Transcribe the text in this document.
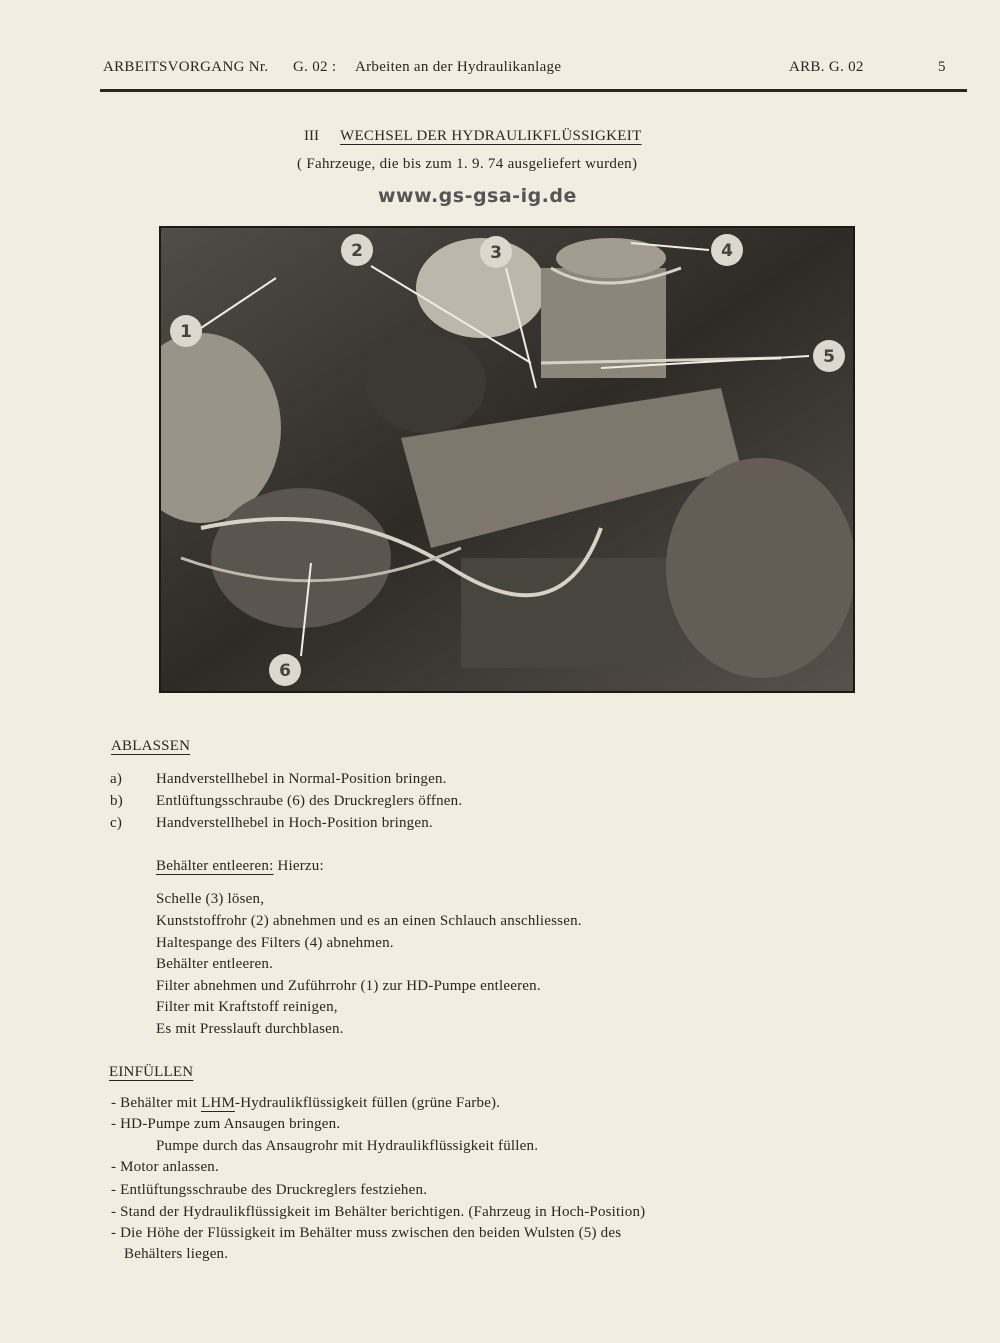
ARBEITSVORGANG Nr. G. 02 : Arbeiten an der Hydraulikanlage	ARB. G. 02	5
III WECHSEL DER HYDRAULIKFLÜSSIGKEIT
( Fahrzeuge, die bis zum 1. 9. 74 ausgeliefert wurden)
www.gs-gsa-ig.de
1
2	3	4
5
6
ABLASSEN
a) Handverstellhebel in Normal-Position bringen.
b) Entlüftungsschraube (6) des Druckreglers öffnen.
c) Handverstellhebel in Hoch-Position bringen.
Behälter entleeren: Hierzu:
Schelle (3) lösen,
Kunststoffrohr (2) abnehmen und es an einen Schlauch anschliessen.
Haltespange des Filters (4) abnehmen.
Behälter entleeren.
Filter abnehmen und Zuführrohr (1) zur HD-Pumpe entleeren.
Filter mit Kraftstoff reinigen,
Es mit Presslauft durchblasen.
EINFÜLLEN
- Behälter mit LHM-Hydraulikflüssigkeit füllen (grüne Farbe).
- HD-Pumpe zum Ansaugen bringen.
Pumpe durch das Ansaugrohr mit Hydraulikflüssigkeit füllen.
- Motor anlassen.
- Entlüftungsschraube des Druckreglers festziehen.
- Stand der Hydraulikflüssigkeit im Behälter berichtigen. (Fahrzeug in Hoch-Position)
- Die Höhe der Flüssigkeit im Behälter muss zwischen den beiden Wulsten (5) des
Behälters liegen.
